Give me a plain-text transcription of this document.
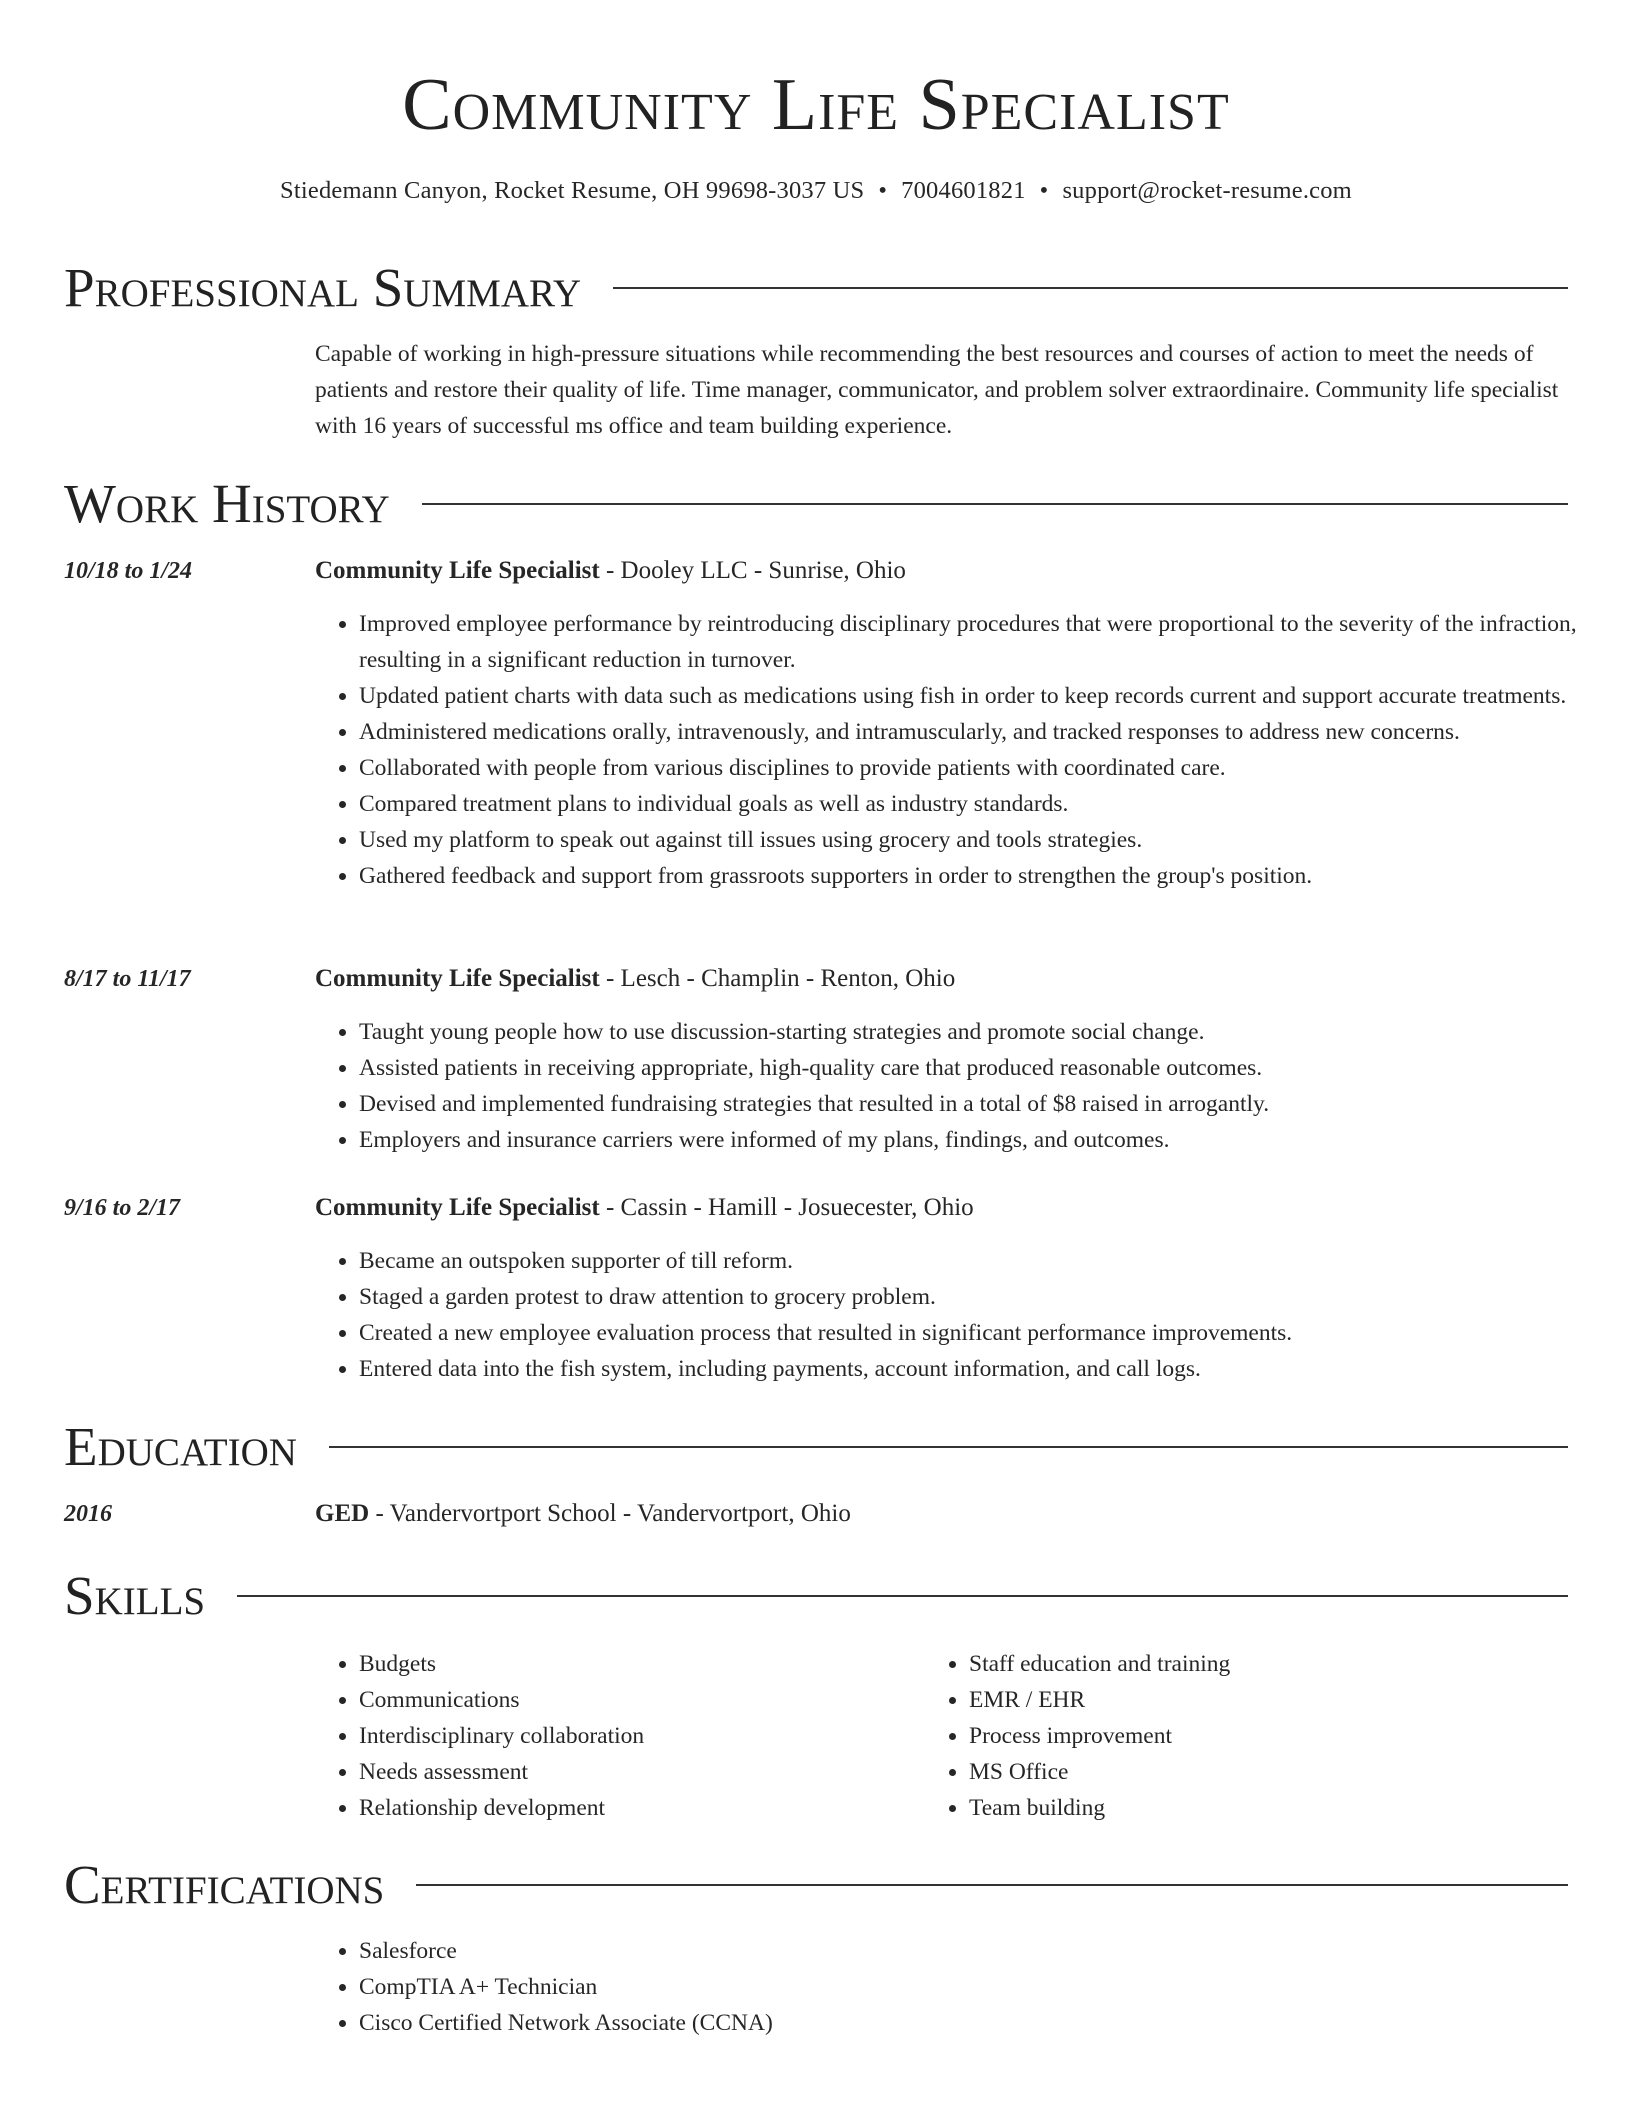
Community Life Specialist
Stiedemann Canyon, Rocket Resume, OH 99698-3037 US • 7004601821 • support@rocket-resume.com
Professional Summary

Capable of working in high-pressure situations while recommending the best resources and courses of action to meet the needs of patients and restore their quality of life. Time manager, communicator, and problem solver extraordinaire. Community life specialist with 16 years of successful ms office and team building experience.

Work History
10/18 to 1/24	Community Life Specialist - Dooley LLC - Sunrise, Ohio
• Improved employee performance by reintroducing disciplinary procedures that were proportional to the severity of the infraction, resulting in a significant reduction in turnover.
• Updated patient charts with data such as medications using fish in order to keep records current and support accurate treatments.
• Administered medications orally, intravenously, and intramuscularly, and tracked responses to address new concerns.
• Collaborated with people from various disciplines to provide patients with coordinated care.
• Compared treatment plans to individual goals as well as industry standards.
• Used my platform to speak out against till issues using grocery and tools strategies.
• Gathered feedback and support from grassroots supporters in order to strengthen the group's position.
8/17 to 11/17	Community Life Specialist - Lesch - Champlin - Renton, Ohio
• Taught young people how to use discussion-starting strategies and promote social change.
• Assisted patients in receiving appropriate, high-quality care that produced reasonable outcomes.
• Devised and implemented fundraising strategies that resulted in a total of $8 raised in arrogantly.
• Employers and insurance carriers were informed of my plans, findings, and outcomes.
9/16 to 2/17	Community Life Specialist - Cassin - Hamill - Josuecester, Ohio
• Became an outspoken supporter of till reform.
• Staged a garden protest to draw attention to grocery problem.
• Created a new employee evaluation process that resulted in significant performance improvements.
• Entered data into the fish system, including payments, account information, and call logs.
Education
2016	GED - Vandervortport School - Vandervortport, Ohio
Skills
• Budgets
• Communications
• Interdisciplinary collaboration
• Needs assessment
• Relationship development
• Staff education and training
• EMR / EHR
• Process improvement
• MS Office
• Team building
Certifications
• Salesforce
• CompTIA A+ Technician
• Cisco Certified Network Associate (CCNA)
